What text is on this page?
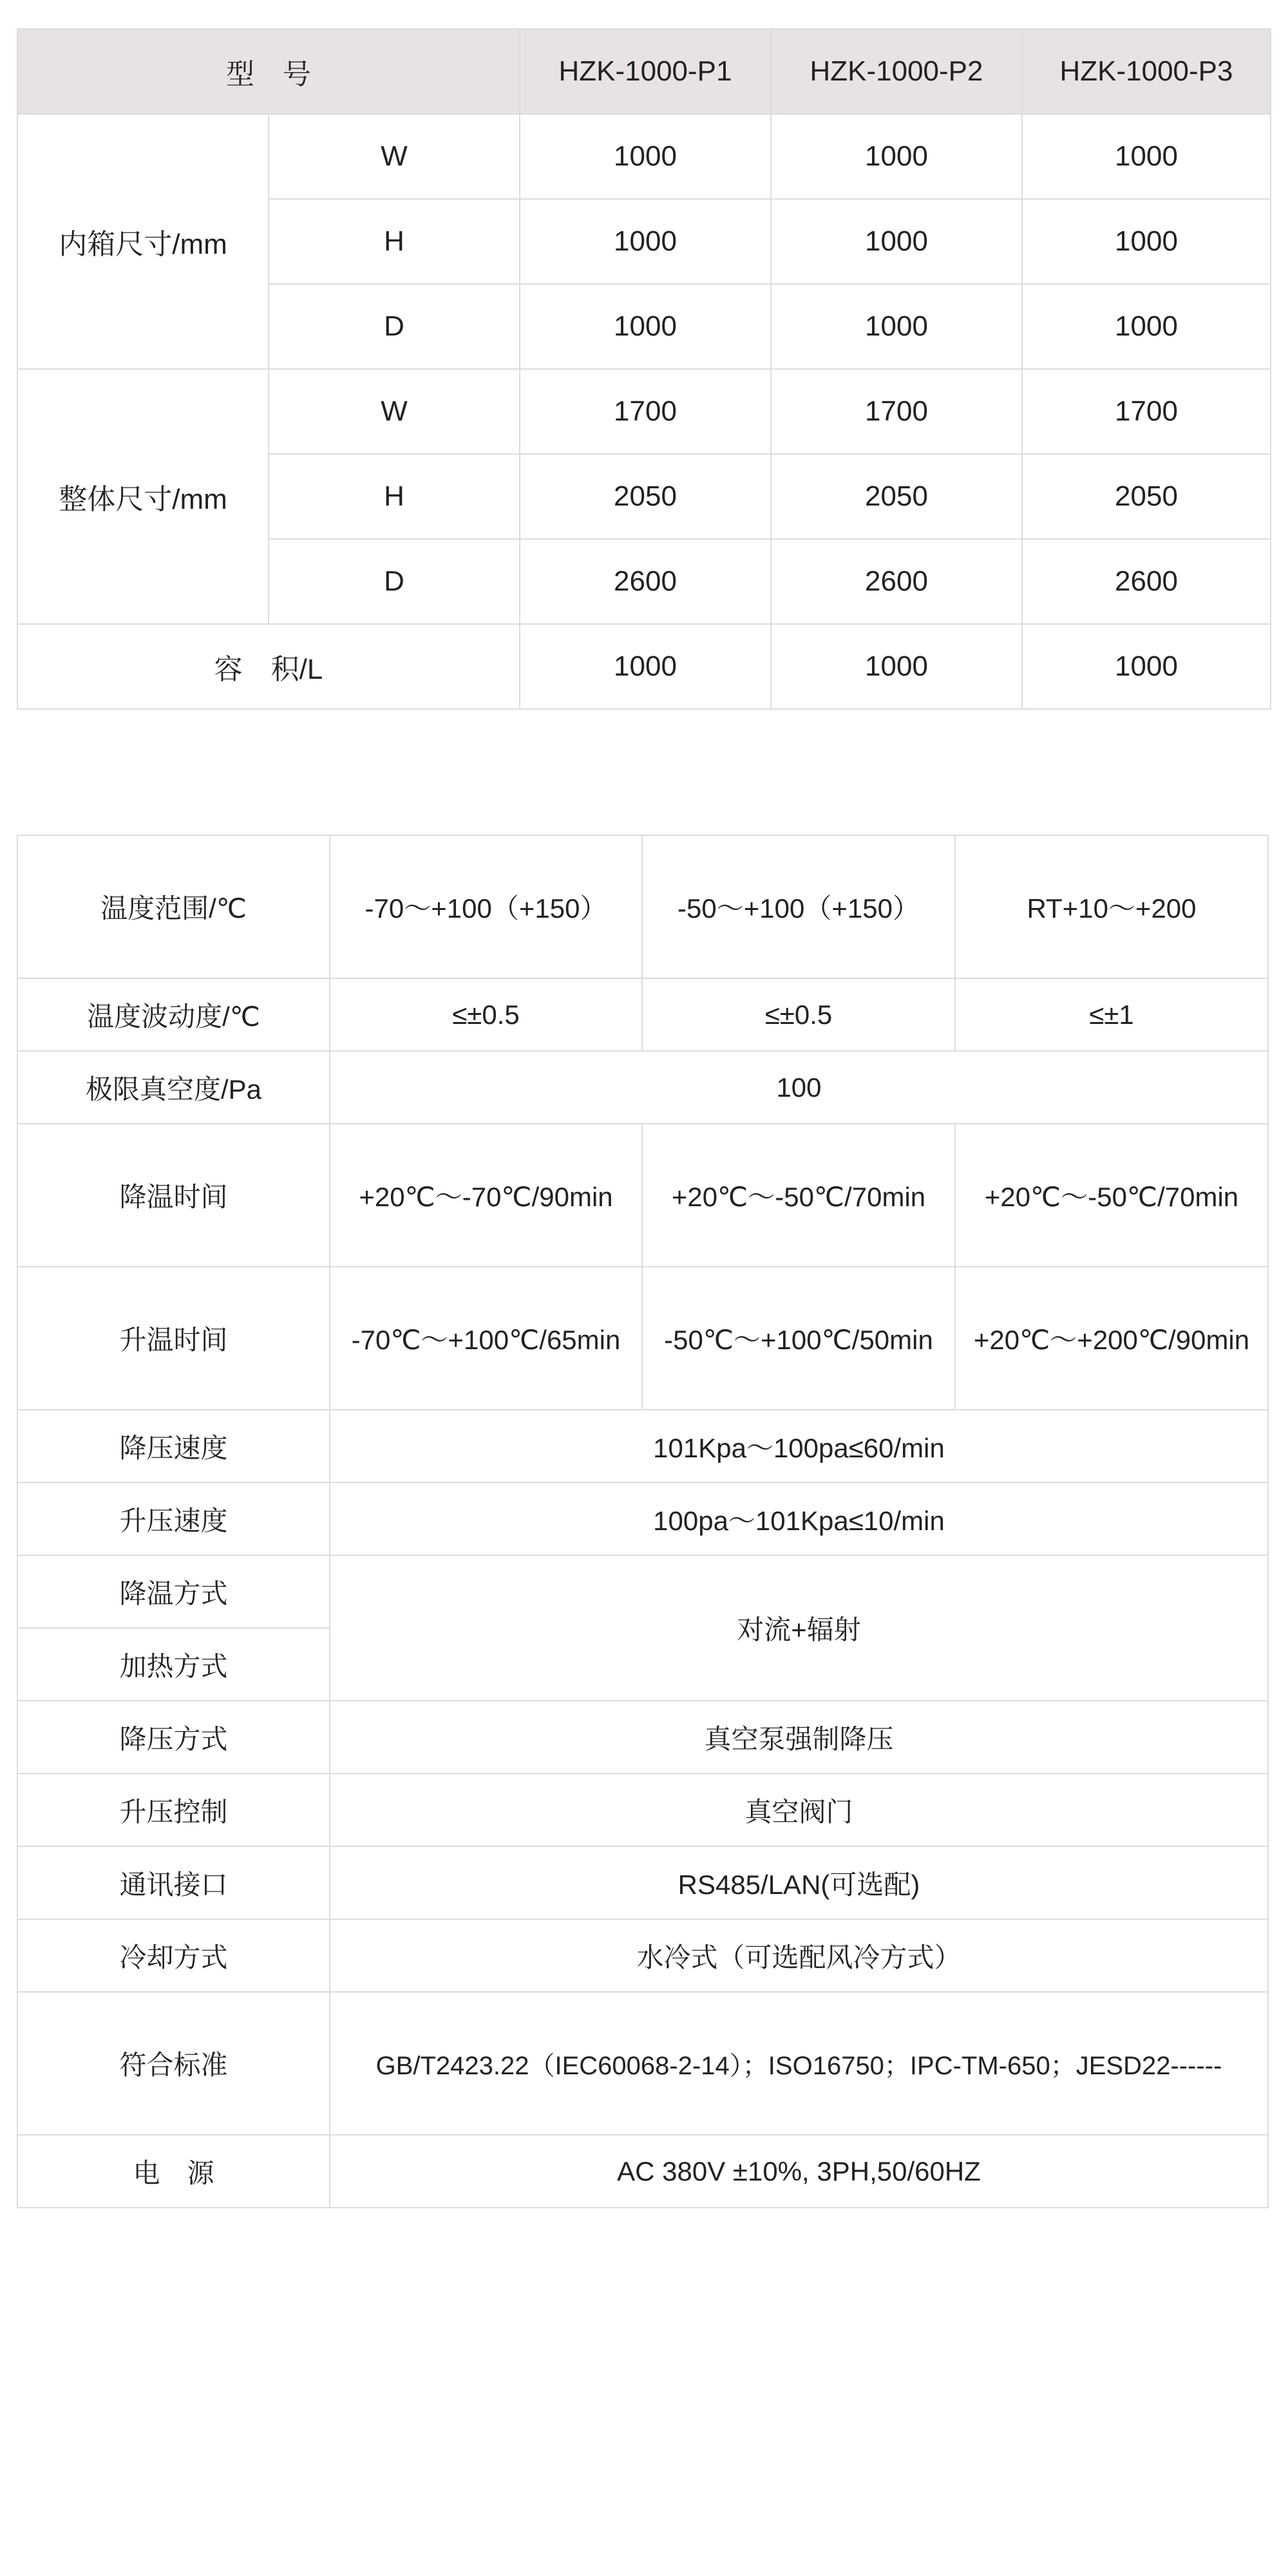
型　号		HZK-1000-P1	HZK-1000-P2	HZK-1000-P3
内箱尺寸/mm	W	1000	1000	1000
	H	1000	1000	1000
	D	1000	1000	1000
整体尺寸/mm	W	1700	1700	1700
	H	2050	2050	2050
	D	2600	2600	2600
容　积/L		1000	1000	1000
温度范围/℃	-70～+100（+150）	-50～+100（+150）	RT+10～+200
温度波动度/℃	≤±0.5	≤±0.5	≤±1
极限真空度/Pa	100		
降温时间	+20℃～-70℃/90min	+20℃～-50℃/70min	+20℃～-50℃/70min
升温时间	-70℃～+100℃/65min	-50℃～+100℃/50min	+20℃～+200℃/90min
降压速度	101Kpa～100pa≤60/min		
升压速度	100pa～101Kpa≤10/min		
降温方式	对流+辐射		
加热方式			
降压方式	真空泵强制降压		
升压控制	真空阀门		
通讯接口	RS485/LAN(可选配)		
冷却方式	水冷式（可选配风冷方式）		
符合标准	GB/T2423.22（IEC60068-2-14）；ISO16750；IPC-TM-650；JESD22------		
电　源	AC 380V ±10%, 3PH,50/60HZ		
